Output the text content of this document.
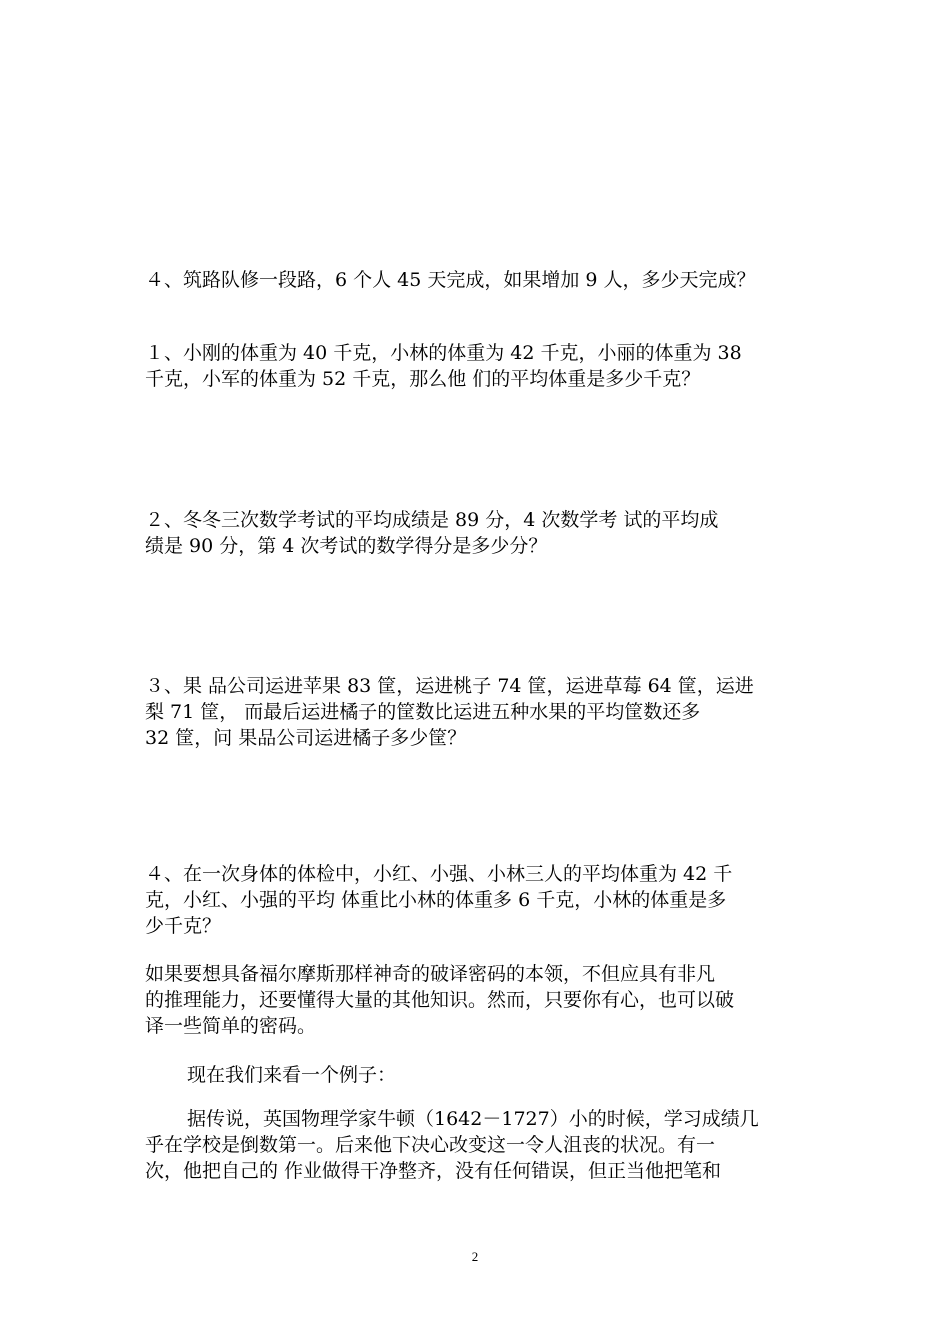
４、筑路队修一段路，6 个人 45 天完成，如果增加 9 人，多少天完成？

１、小刚的体重为 40 千克，小林的体重为 42 千克，小丽的体重为 38
千克，小军的体重为 52 千克，那么他 们的平均体重是多少千克？

２、冬冬三次数学考试的平均成绩是 89 分，4 次数学考 试的平均成
绩是 90 分，第 4 次考试的数学得分是多少分？

３、果 品公司运进苹果 83 筐，运进桃子 74 筐，运进草莓 64 筐，运进
梨 71 筐， 而最后运进橘子的筐数比运进五种水果的平均筐数还多
32 筐，问 果品公司运进橘子多少筐？

４、在一次身体的体检中，小红、小强、小林三人的平均体重为 42 千
克，小红、小强的平均 体重比小林的体重多 6 千克，小林的体重是多
少千克？

如果要想具备福尔摩斯那样神奇的破译密码的本领，不但应具有非凡
的推理能力，还要懂得大量的其他知识。然而，只要你有心，也可以破
译一些简单的密码。

现在我们来看一个例子：

据传说，英国物理学家牛顿（1642－1727）小的时候，学习成绩几
乎在学校是倒数第一。后来他下决心改变这一令人沮丧的状况。有一
次，他把自己的 作业做得干净整齐，没有任何错误，但正当他把笔和

2
